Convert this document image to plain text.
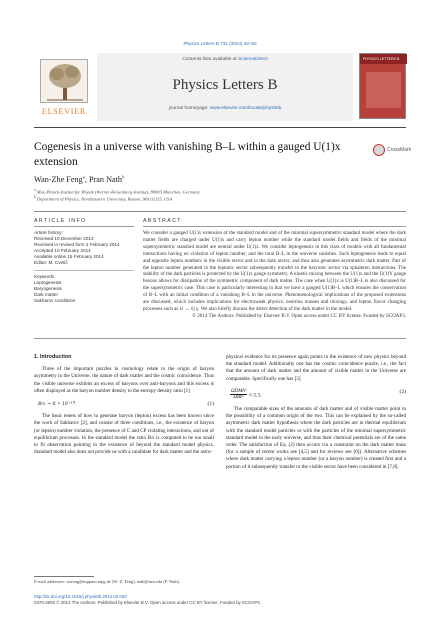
Physics Letters B 731 (2014) 43–50
ELSEVIER
Contents lists available at ScienceDirect
Physics Letters B
journal homepage: www.elsevier.com/locate/physletb
PHYSICS LETTERS B
Cogenesis in a universe with vanishing B–L within a gauged U(1)x extension
CrossMark
Wan-Zhe Feng$^a$, Pran Nath$^b$
$^a$ Max-Planck-Institut für Physik (Werner-Heisenberg-Institut), 80805 München, Germany
$^b$ Department of Physics, Northeastern University, Boston, MA 02115, USA
ARTICLE INFO	ABSTRACT
Article history:
Received 10 December 2013
Received in revised form 2 February 2014
Accepted 10 February 2014
Available online 15 February 2014
Editor: M. Cvetič
Keywords:
Leptogenesis
Baryogenesis
Dark matter
Sakharov conditions

We consider a gauged U(1)x extension of the standard model and of the minimal supersymmetric standard model where the dark matter fields are charged under U(1)x and carry lepton number while the standard model fields and fields of the minimal supersymmetric standard model are neutral under U(1)x. We consider leptogenesis in this class of models with all fundamental interactions having no violation of lepton number, and the total B–L in the universe vanishes. Such leptogenesis leads to equal and opposite lepton numbers in the visible sector and in the dark sector, and thus also generates asymmetric dark matter. Part of the lepton number generated in the leptonic sector subsequently transfer to the baryonic sector via sphaleron interactions. The stability of the dark particles is protected by the U(1)x gauge symmetry. A kinetic mixing between the U(1)x and the U(1)Y gauge bosons allows for dissipation of the symmetric component of dark matter. The case when U(1)x is U(1)B–L is also discussed for the supersymmetric case. This case is particularly interesting in that we have a gauged U(1)B–L which ensures the conservation of B–L with an initial condition of a vanishing B–L in the universe. Phenomenological implications of the proposed extensions are discussed, which includes implications for electroweak physics, neutrino masses and mixings, and lepton flavor changing processes such as ℓi → ℓj γ. We also briefly discuss the direct detection of the dark matter in the model.

© 2014 The Authors. Published by Elsevier B.V. Open access under CC BY license. Funded by SCOAP3.

1. Introduction

Three of the important puzzles in cosmology relate to the origin of baryon asymmetry in the Universe, the nature of dark matter and the cosmic coincidence. Thus the visible universe exhibits an excess of baryons over anti-baryons and this excess is often displayed as the baryon number density to the entropy density ratio [1]

B/s ∼ 6 × 10⁻¹⁰.	(1)

The basic tenets of how to generate baryon (lepton) excess has been known since the work of Sakharov [2], and consist of three conditions, i.e., the existence of baryon (or lepton) number violation, the presence of C and CP violating interactions, and out of equilibrium processes. In the standard model the ratio B/s is computed to be too small to fit observation pointing to the existence of beyond the standard model physics. Standard model also does not provide us with a candidate for dark matter and the astro-

physical evidence for its presence again points to the existence of new physics beyond the standard model. Additionally one has the cosmic coincidence puzzle, i.e., the fact that the amount of dark matter and the amount of visible matter in the Universe are comparable. Specifically one has [3]

$\frac{\text{ΩDMh²}}{\text{ΩBh²}} \approx 5.5$.
(2)

The comparable sizes of the amounts of dark matter and of visible matter point to the possibility of a common origin of the two. This can be explained by the so-called asymmetric dark matter hypothesis where the dark particles are in thermal equilibrium with the standard model particles or with the particles of the minimal supersymmetric standard model in the early universe, and thus their chemical potentials are of the same order. The satisfaction of Eq. (2) then occurs via a constraint on the dark matter mass (for a sample of recent works see [4,5] and for reviews see [6]). Alternative schemes where dark matter carrying a lepton number (or a baryon number) is created first and a portion of it subsequently transfer to the visible sector have been considered in [7,8].

E-mail addresses: wzfeng@mppmu.mpg.de (W.-Z. Feng), nath@neu.edu (P. Nath).
http://dx.doi.org/10.1016/j.physletb.2014.02.020
0370-2693 © 2014 The Authors. Published by Elsevier B.V. Open access under CC BY license. Funded by SCOAP3.
